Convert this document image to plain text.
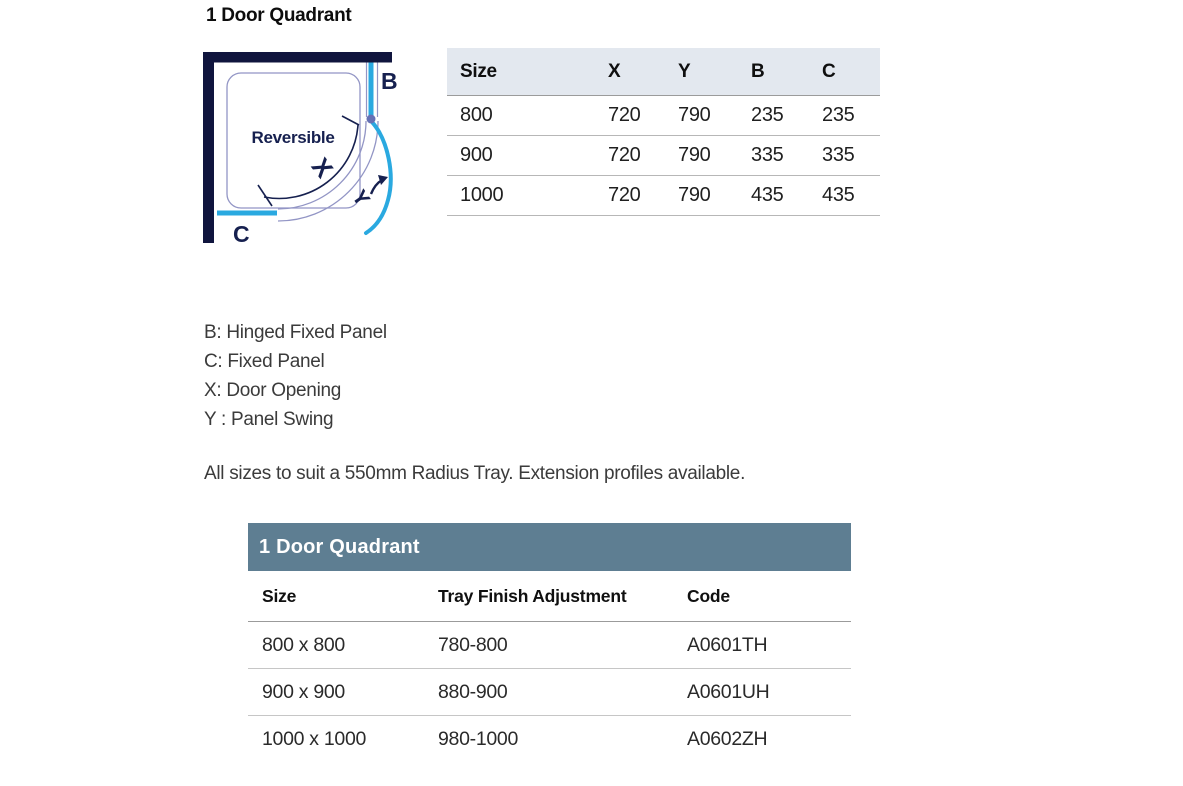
1 Door Quadrant
B
C
Reversible
X
Y
Size	X	Y	B	C
800	720	790	235	235
900	720	790	335	335
1000	720	790	435	435
B: Hinged Fixed Panel
C: Fixed Panel
X: Door Opening
Y : Panel Swing
All sizes to suit a 550mm Radius Tray. Extension profiles available.
1 Door Quadrant
Size	Tray Finish Adjustment	Code
800 x 800	780-800	A0601TH
900 x 900	880-900	A0601UH
1000 x 1000	980-1000	A0602ZH
